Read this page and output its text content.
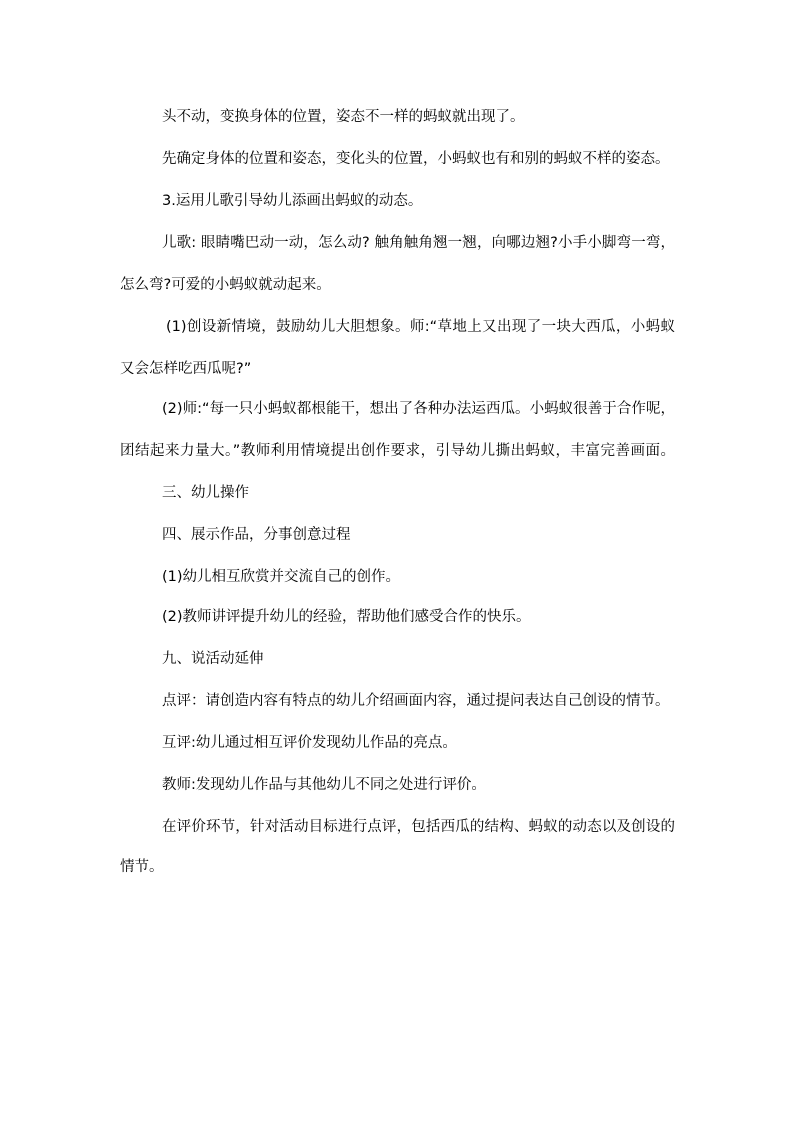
头不动，变换身体的位置，姿态不一样的蚂蚁就出现了。

先确定身体的位置和姿态，变化头的位置，小蚂蚁也有和别的蚂蚁不样的姿态。

3.运用儿歌引导幼儿添画出蚂蚁的动态。

儿歌: 眼睛嘴巴动一动，怎么动? 触角触角翘一翘，向哪边翘?小手小脚弯一弯，

怎么弯?可爱的小蚂蚁就动起来。

(1)创设新情境，鼓励幼儿大胆想象。师:“草地上又出现了一块大西瓜，小蚂蚁

又会怎样吃西瓜呢?”

(2)师:“每一只小蚂蚁都根能干，想出了各种办法运西瓜。小蚂蚁很善于合作呢，

团结起来力量大。”教师利用情境提出创作要求，引导幼儿撕出蚂蚁，丰富完善画面。

三、幼儿操作

四、展示作品，分事创意过程

(1)幼儿相互欣赏并交流自己的创作。

(2)教师讲评提升幼儿的经验，帮助他们感受合作的快乐。

九、说活动延伸

点评：请创造内容有特点的幼儿介绍画面内容，通过提问表达自己创设的情节。

互评:幼儿通过相互评价发现幼儿作品的亮点。

教师:发现幼儿作品与其他幼儿不同之处进行评价。

在评价环节，针对活动目标进行点评，包括西瓜的结构、蚂蚁的动态以及创设的

情节。
